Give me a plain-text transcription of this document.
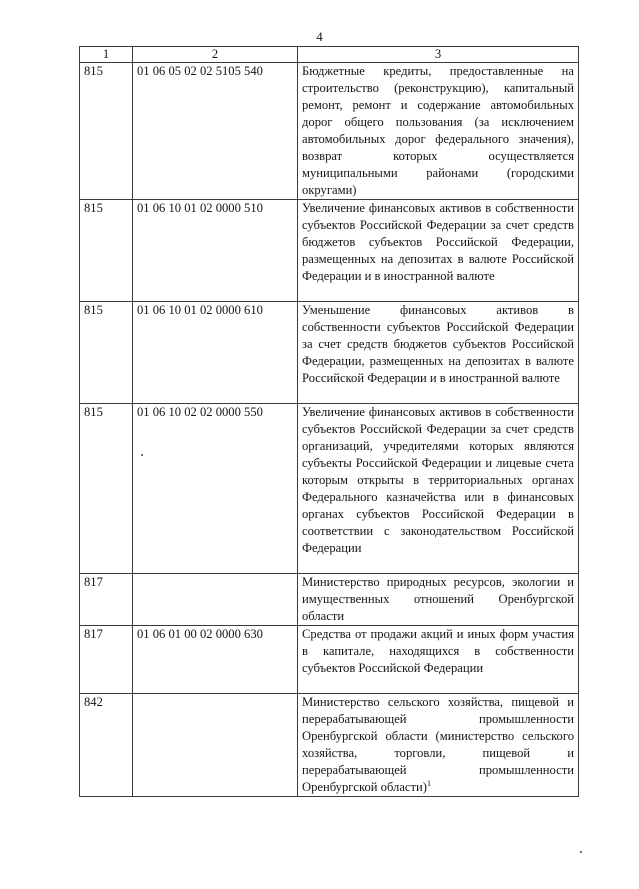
4
1	2	3
815	01 06 05 02 02 5105 540	Бюджетные кредиты, предоставленные на строительство (реконструкцию), капитальный ремонт, ремонт и содержание автомобильных дорог общего пользования (за исключением автомобильных дорог федерального значения), возврат которых осуществляется муниципальными районами (городскими округами)
815	01 06 10 01 02 0000 510	Увеличение финансовых активов в собственности субъектов Российской Федерации за счет средств бюджетов субъектов Российской Федерации, размещенных на депозитах в валюте Российской Федерации и в иностранной валюте
815	01 06 10 01 02 0000 610	Уменьшение финансовых активов в собственности субъектов Российской Федерации за счет средств бюджетов субъектов Российской Федерации, размещенных на депозитах в валюте Российской Федерации и в иностранной валюте
815	01 06 10 02 02 0000 550	Увеличение финансовых активов в собственности субъектов Российской Федерации за счет средств организаций, учредителями которых являются субъекты Российской Федерации и лицевые счета которым открыты в территориальных органах Федерального казначейства или в финансовых органах субъектов Российской Федерации в соответствии с законодательством Российской Федерации
817		Министерство природных ресурсов, экологии и имущественных отношений Оренбургской области
817	01 06 01 00 02 0000 630	Средства от продажи акций и иных форм участия в капитале, находящихся в собственности субъектов Российской Федерации
842		Министерство сельского хозяйства, пищевой и перерабатывающей промышленности Оренбургской области (министерство сельского хозяйства, торговли, пищевой и перерабатывающей промышленности Оренбургской области)$^1$
